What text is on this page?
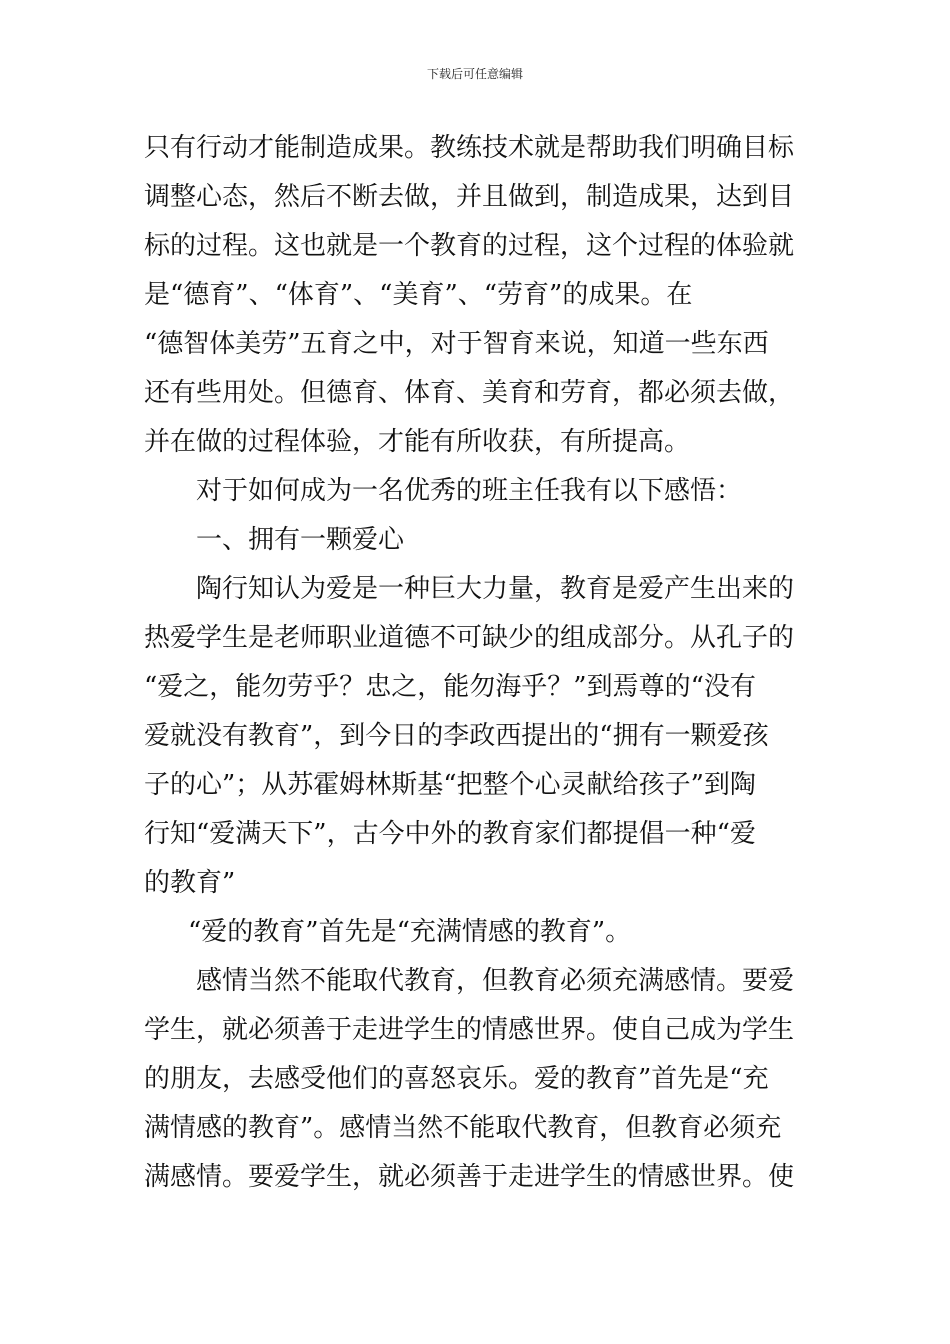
下载后可任意编辑
只有行动才能制造成果。教练技术就是帮助我们明确目标
调整心态，然后不断去做，并且做到，制造成果，达到目
标的过程。这也就是一个教育的过程，这个过程的体验就
是“德育”、“体育”、“美育”、“劳育”的成果。在
“德智体美劳”五育之中，对于智育来说，知道一些东西
还有些用处。但德育、体育、美育和劳育，都必须去做，
并在做的过程体验，才能有所收获，有所提高。
对于如何成为一名优秀的班主任我有以下感悟：
一、拥有一颗爱心
陶行知认为爱是一种巨大力量，教育是爱产生出来的
热爱学生是老师职业道德不可缺少的组成部分。从孔子的
“爱之，能勿劳乎？忠之，能勿海乎？”到焉尊的“没有
爱就没有教育”，到今日的李政西提出的“拥有一颗爱孩
子的心”；从苏霍姆林斯基“把整个心灵献给孩子”到陶
行知“爱满天下”，古今中外的教育家们都提倡一种“爱
的教育”
“爱的教育”首先是“充满情感的教育”。
感情当然不能取代教育，但教育必须充满感情。要爱
学生，就必须善于走进学生的情感世界。使自己成为学生
的朋友，去感受他们的喜怒哀乐。爱的教育”首先是“充
满情感的教育”。感情当然不能取代教育，但教育必须充
满感情。要爱学生，就必须善于走进学生的情感世界。使
